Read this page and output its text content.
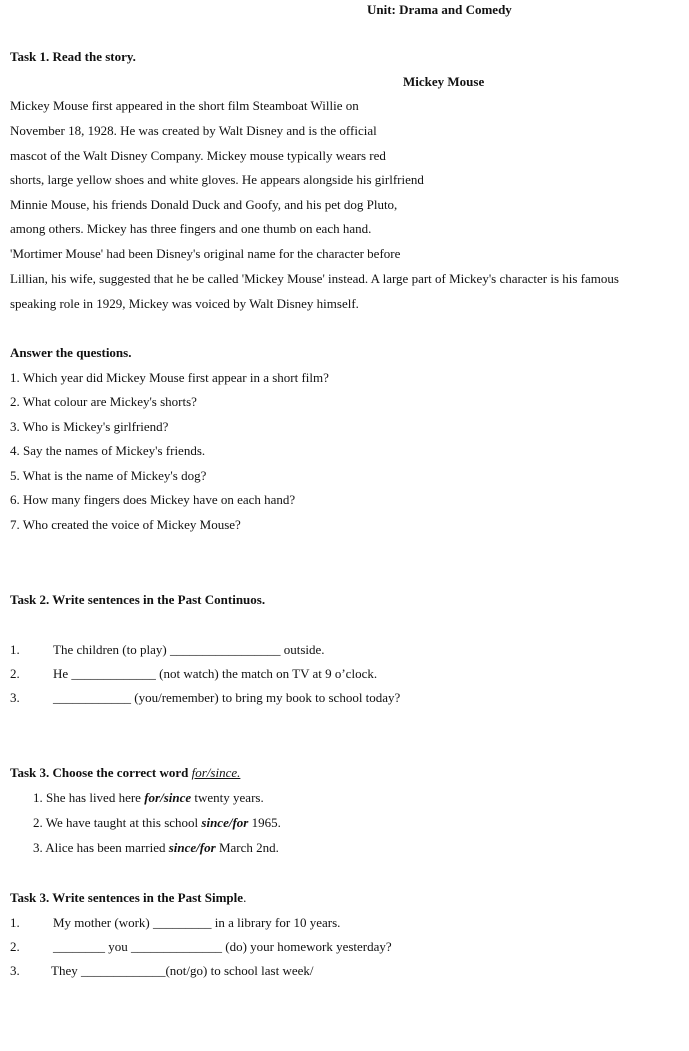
Unit: Drama and Comedy
Task 1. Read the story.
Mickey Mouse
Mickey Mouse first appeared in the short film Steamboat Willie on
November 18, 1928. He was created by Walt Disney and is the official
mascot of the Walt Disney Company. Mickey mouse typically wears red
shorts, large yellow shoes and white gloves. He appears alongside his girlfriend
Minnie Mouse, his friends Donald Duck and Goofy, and his pet dog Pluto,
among others. Mickey has three fingers and one thumb on each hand.
'Mortimer Mouse' had been Disney's original name for the character before
Lillian, his wife, suggested that he be called 'Mickey Mouse' instead. A large part of Mickey's character is his famous
speaking role in 1929, Mickey was voiced by Walt Disney himself.
Answer the questions.
1. Which year did Mickey Mouse first appear in a short film?
2. What colour are Mickey's shorts?
3. Who is Mickey's girlfriend?
4. Say the names of Mickey's friends.
5. What is the name of Mickey's dog?
6. How many fingers does Mickey have on each hand?
7. Who created the voice of Mickey Mouse?
Task 2. Write sentences in the Past Continuos.
1.	The children (to play) _________________ outside.
2.	He _____________ (not watch) the match on TV at 9 o’clock.
3.	____________ (you/remember) to bring my book to school today?
Task 3. Choose the correct word for/since.
1. She has lived here for/since twenty years.
2. We have taught at this school since/for 1965.
3. Alice has been married since/for March 2nd.
Task 3. Write sentences in the Past Simple.
1.	My mother (work) _________ in a library for 10 years.
2.	________ you ______________ (do) your homework yesterday?
3. They _____________(not/go) to school last week/
